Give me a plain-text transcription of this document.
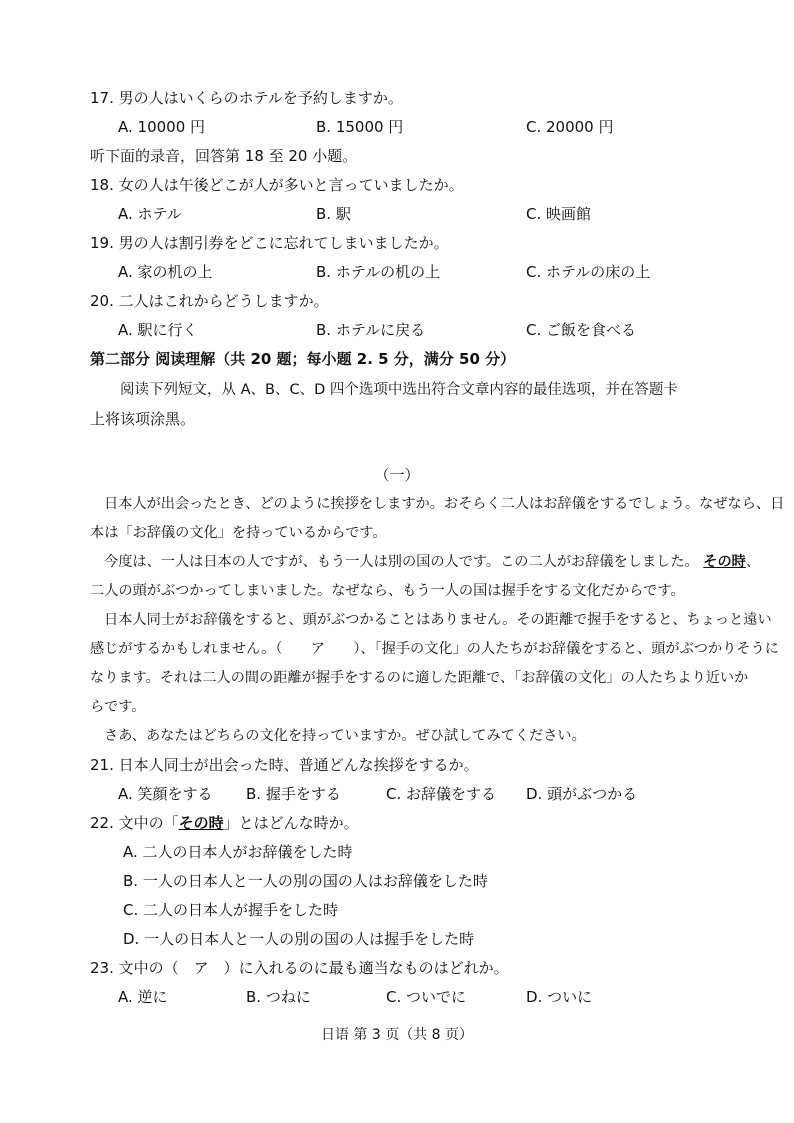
17. 男の人はいくらのホテルを予約しますか。
A. 10000 円	B. 15000 円	C. 20000 円
听下面的录音，回答第 18 至 20 小题。
18. 女の人は午後どこが人が多いと言っていましたか。
A. ホテル	B. 駅	C. 映画館
19. 男の人は割引券をどこに忘れてしまいましたか。
A. 家の机の上	B. ホテルの机の上	C. ホテルの床の上
20. 二人はこれからどうしますか。
A. 駅に行く	B. ホテルに戻る	C. ご飯を食べる
第二部分 阅读理解（共 20 题；每小题 2. 5 分，满分 50 分）
阅读下列短文，从 A、B、C、D 四个选项中选出符合文章内容的最佳选项，并在答题卡
上将该项涂黑。
（一）
日本人が出会ったとき、どのように挨拶をしますか。おそらく二人はお辞儀をするでしょう。なぜなら、日
本は「お辞儀の文化」を持っているからです。
今度は、一人は日本の人ですが、もう一人は別の国の人です。この二人がお辞儀をしました。 その時、
二人の頭がぶつかってしまいました。なぜなら、もう一人の国は握手をする文化だからです。
日本人同士がお辞儀をすると、頭がぶつかることはありません。その距離で握手をすると、ちょっと遠い
感じがするかもしれません。（　　ア　　）、「握手の文化」の人たちがお辞儀をすると、頭がぶつかりそうに
なります。それは二人の間の距離が握手をするのに適した距離で、「お辞儀の文化」の人たちより近いか
らです。
さあ、あなたはどちらの文化を持っていますか。ぜひ試してみてください。
21. 日本人同士が出会った時、普通どんな挨拶をするか。
A. 笑顔をする B. 握手をする	C. お辞儀をする D. 頭がぶつかる
22. 文中の「その時」とはどんな時か。
A. 二人の日本人がお辞儀をした時
B. 一人の日本人と一人の別の国の人はお辞儀をした時
C. 二人の日本人が握手をした時
D. 一人の日本人と一人の別の国の人は握手をした時
23. 文中の（　ア　）に入れるのに最も適当なものはどれか。
A. 逆に	B. つねに	C. ついでに	D. ついに
日语 第 3 页（共 8 页）
